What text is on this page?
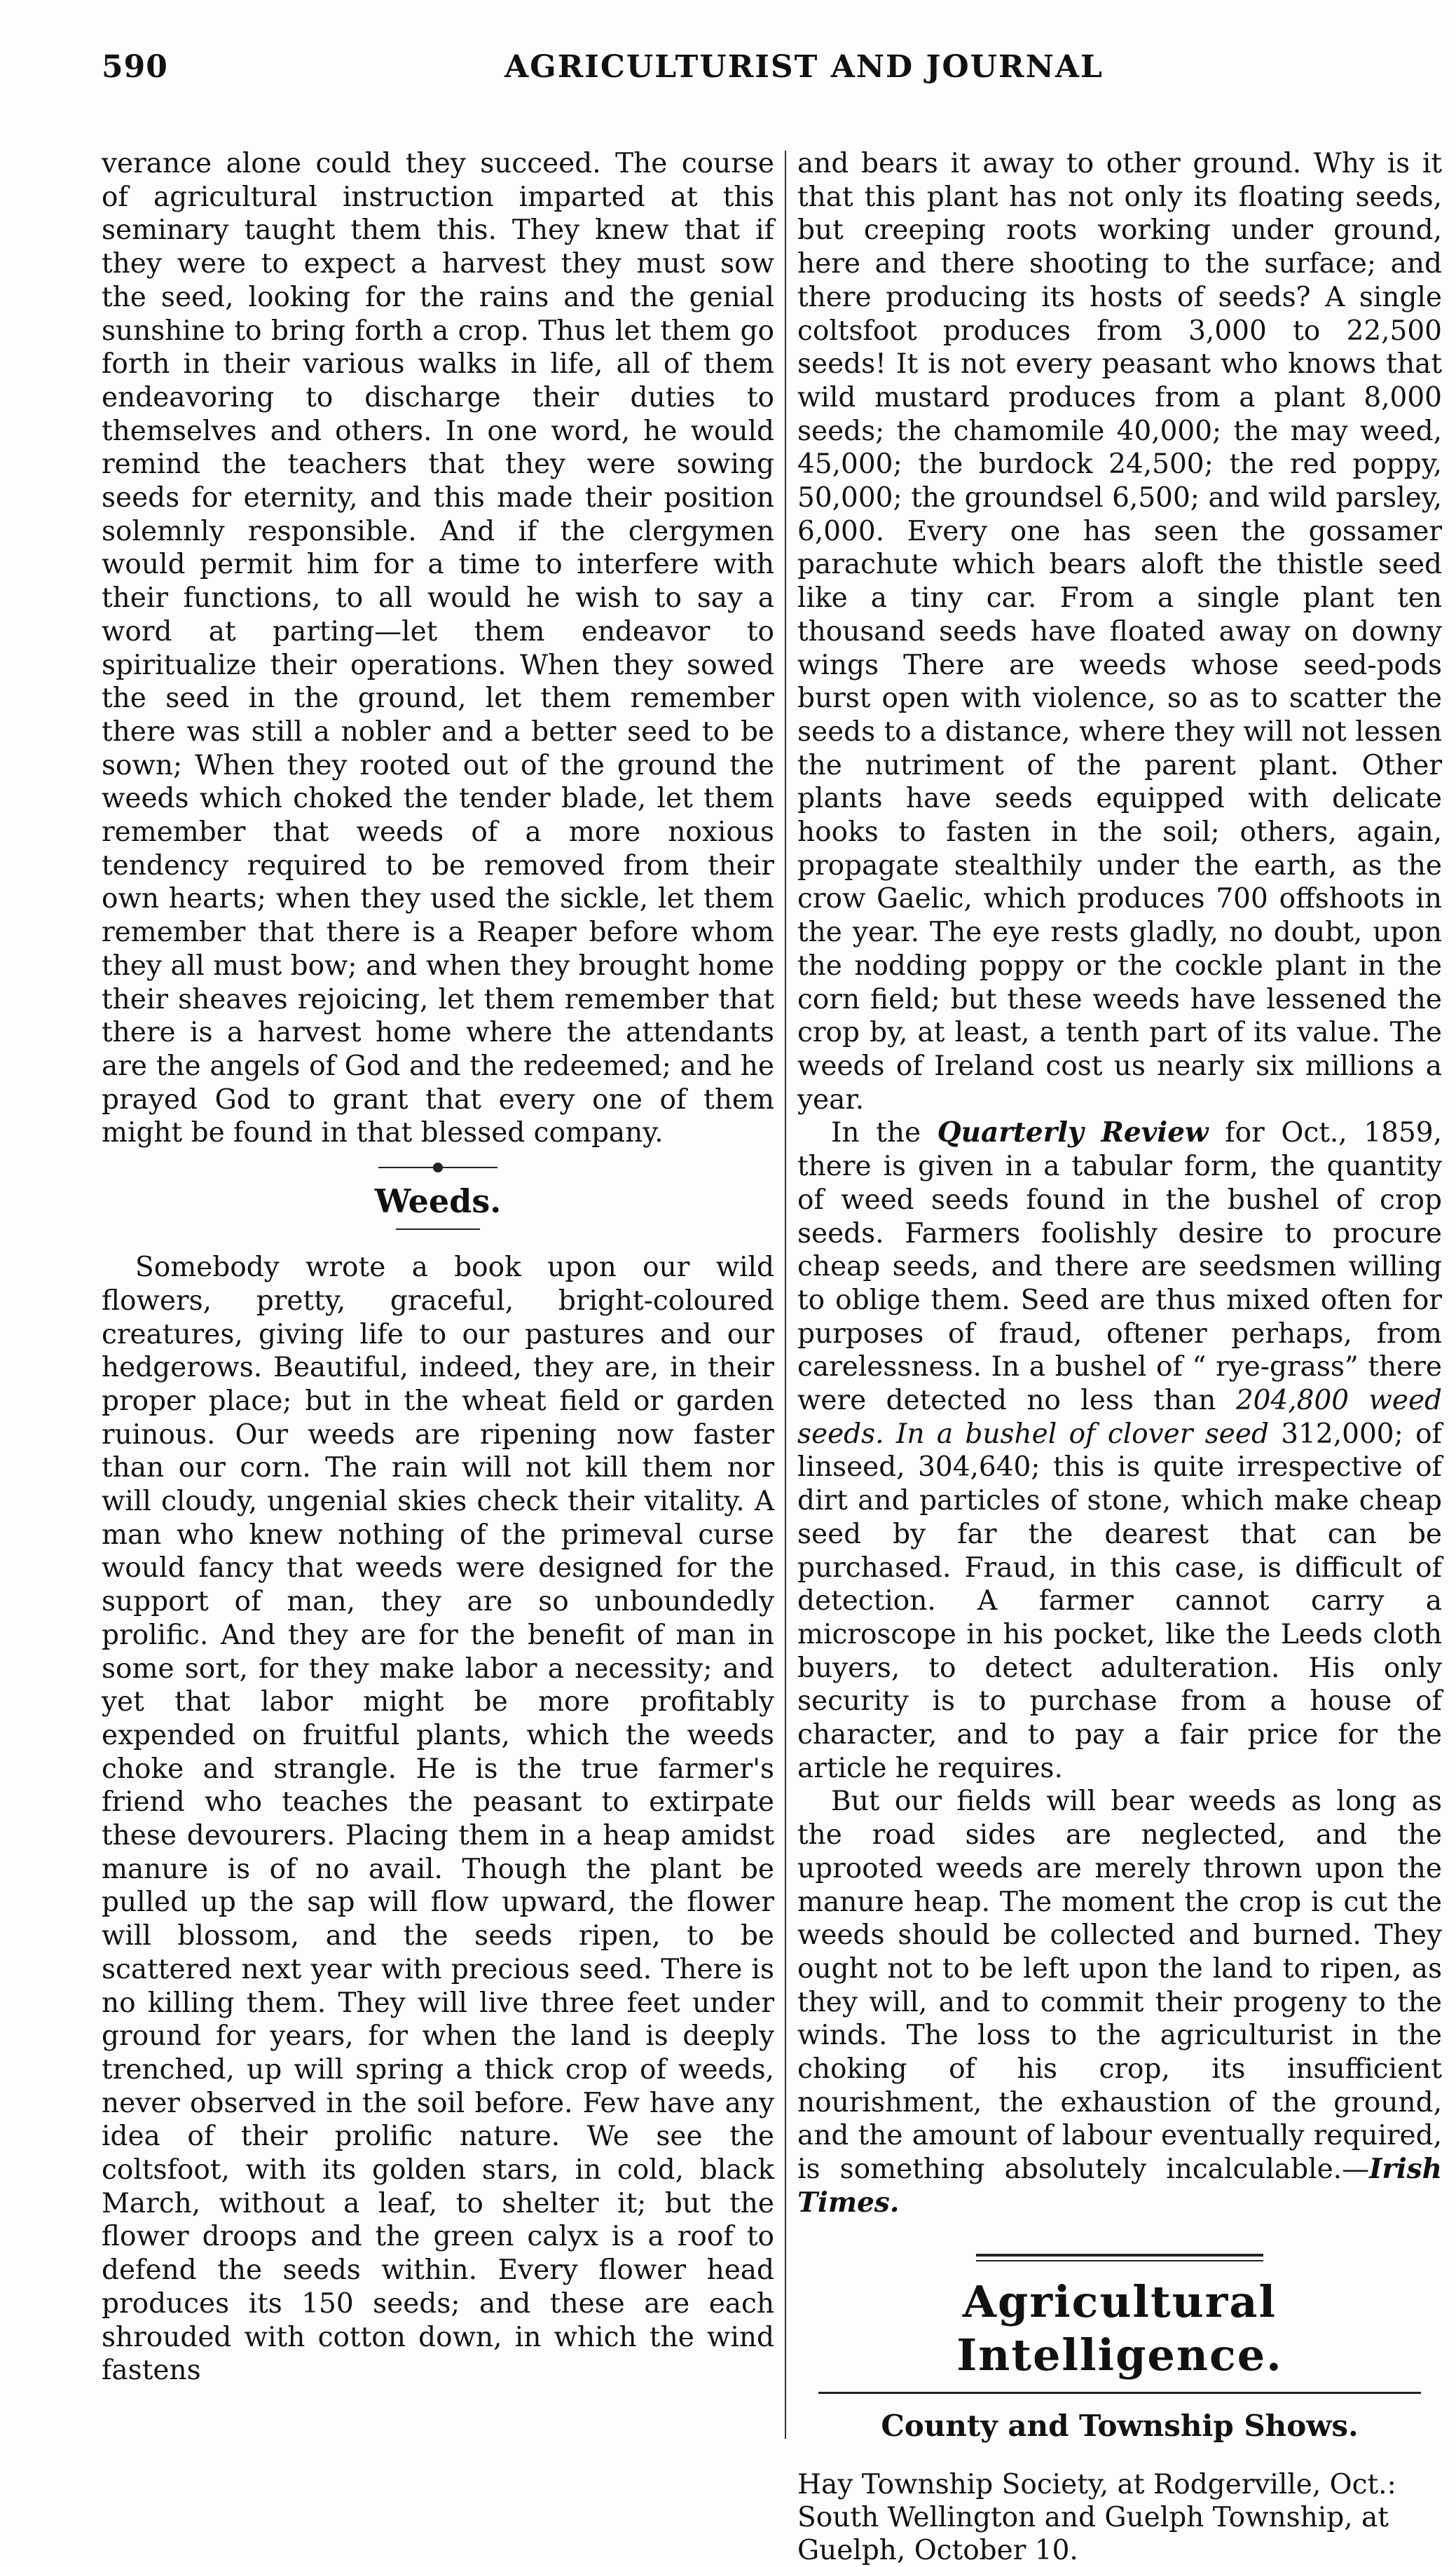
590	AGRICULTURIST AND JOURNAL

verance alone could they succeed. The course of agricultural instruction imparted at this seminary taught them this. They knew that if they were to expect a harvest they must sow the seed, looking for the rains and the genial sunshine to bring forth a crop. Thus let them go forth in their various walks in life, all of them endeavoring to discharge their duties to themselves and others. In one word, he would remind the teachers that they were sowing seeds for eternity, and this made their position solemnly responsible. And if the clergymen would permit him for a time to interfere with their functions, to all would he wish to say a word at parting—let them endeavor to spiritualize their operations. When they sowed the seed in the ground, let them remember there was still a nobler and a better seed to be sown; When they rooted out of the ground the weeds which choked the tender blade, let them remember that weeds of a more noxious tendency required to be removed from their own hearts; when they used the sickle, let them remember that there is a Reaper before whom they all must bow; and when they brought home their sheaves rejoicing, let them remember that there is a harvest home where the attendants are the angels of God and the redeemed; and he prayed God to grant that every one of them might be found in that blessed company.

Weeds.

Somebody wrote a book upon our wild flowers, pretty, graceful, bright-coloured creatures, giving life to our pastures and our hedgerows. Beautiful, indeed, they are, in their proper place; but in the wheat field or garden ruinous. Our weeds are ripening now faster than our corn. The rain will not kill them nor will cloudy, ungenial skies check their vitality. A man who knew nothing of the primeval curse would fancy that weeds were designed for the support of man, they are so unboundedly prolific. And they are for the benefit of man in some sort, for they make labor a necessity; and yet that labor might be more profitably expended on fruitful plants, which the weeds choke and strangle. He is the true farmer's friend who teaches the peasant to extirpate these devourers. Placing them in a heap amidst manure is of no avail. Though the plant be pulled up the sap will flow upward, the flower will blossom, and the seeds ripen, to be scattered next year with precious seed. There is no killing them. They will live three feet under ground for years, for when the land is deeply trenched, up will spring a thick crop of weeds, never observed in the soil before. Few have any idea of their prolific nature. We see the coltsfoot, with its golden stars, in cold, black March, without a leaf, to shelter it; but the flower droops and the green calyx is a roof to defend the seeds within. Every flower head produces its 150 seeds; and these are each shrouded with cotton down, in which the wind fastens

and bears it away to other ground. Why is it that this plant has not only its floating seeds, but creeping roots working under ground, here and there shooting to the surface; and there producing its hosts of seeds? A single coltsfoot produces from 3,000 to 22,500 seeds! It is not every peasant who knows that wild mustard produces from a plant 8,000 seeds; the chamomile 40,000; the may weed, 45,000; the burdock 24,500; the red poppy, 50,000; the groundsel 6,500; and wild parsley, 6,000. Every one has seen the gossamer parachute which bears aloft the thistle seed like a tiny car. From a single plant ten thousand seeds have floated away on downy wings There are weeds whose seed-pods burst open with violence, so as to scatter the seeds to a distance, where they will not lessen the nutriment of the parent plant. Other plants have seeds equipped with delicate hooks to fasten in the soil; others, again, propagate stealthily under the earth, as the crow Gaelic, which produces 700 offshoots in the year. The eye rests gladly, no doubt, upon the nodding poppy or the cockle plant in the corn field; but these weeds have lessened the crop by, at least, a tenth part of its value. The weeds of Ireland cost us nearly six millions a year.

In the Quarterly Review for Oct., 1859, there is given in a tabular form, the quantity of weed seeds found in the bushel of crop seeds. Farmers foolishly desire to procure cheap seeds, and there are seedsmen willing to oblige them. Seed are thus mixed often for purposes of fraud, oftener perhaps, from carelessness. In a bushel of “ rye-grass” there were detected no less than 204,800 weed seeds. In a bushel of clover seed 312,000; of linseed, 304,640; this is quite irrespective of dirt and particles of stone, which make cheap seed by far the dearest that can be purchased. Fraud, in this case, is difficult of detection. A farmer cannot carry a microscope in his pocket, like the Leeds cloth buyers, to detect adulteration. His only security is to purchase from a house of character, and to pay a fair price for the article he requires.

But our fields will bear weeds as long as the road sides are neglected, and the uprooted weeds are merely thrown upon the manure heap. The moment the crop is cut the weeds should be collected and burned. They ought not to be left upon the land to ripen, as they will, and to commit their progeny to the winds. The loss to the agriculturist in the choking of his crop, its insufficient nourishment, the exhaustion of the ground, and the amount of labour eventually required, is something absolutely incalculable.—Irish Times.

Agricultural Intelligence.
County and Township Shows.
Hay Township Society, at Rodgerville, Oct.:
South Wellington and Guelph Township, at
Guelph, October 10.
